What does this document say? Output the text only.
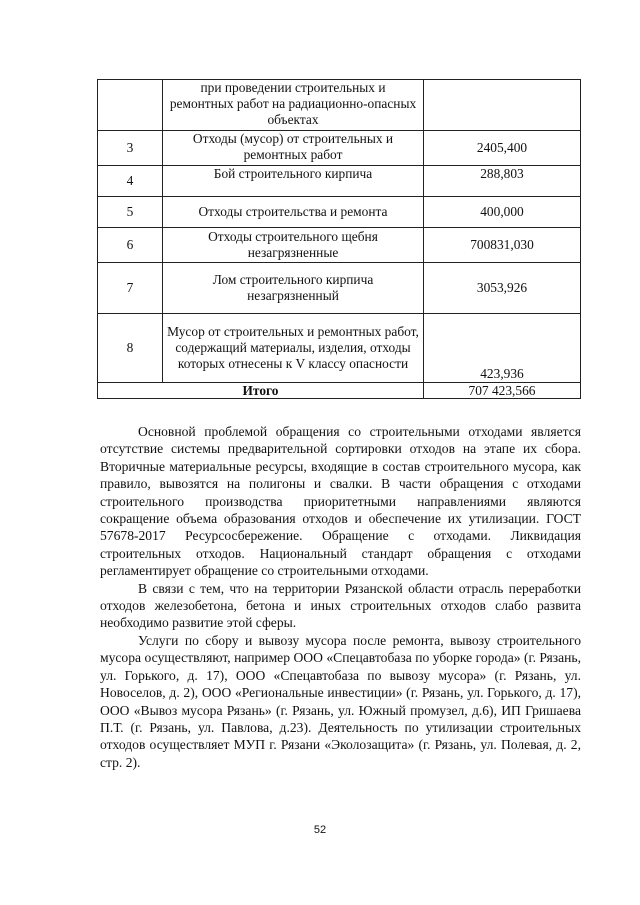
	при проведении строительных и ремонтных работ на радиационно-опасных объектах	
3	Отходы (мусор) от строительных и ремонтных работ	2405,400
4	Бой строительного кирпича	288,803
5	Отходы строительства и ремонта	400,000
6	Отходы строительного щебня незагрязненные	700831,030
7	Лом строительного кирпича незагрязненный	3053,926
8	Мусор от строительных и ремонтных работ, содержащий материалы, изделия, отходы которых отнесены к V классу опасности	423,936
Итого		707 423,566

Основной проблемой обращения со строительными отходами является отсутствие системы предварительной сортировки отходов на этапе их сбора. Вторичные материальные ресурсы, входящие в состав строительного мусора, как правило, вывозятся на полигоны и свалки. В части обращения с отходами строительного производства приоритетными направлениями являются сокращение объема образования отходов и обеспечение их утилизации. ГОСТ 57678-2017 Ресурсосбережение. Обращение с отходами. Ликвидация строительных отходов. Национальный стандарт обращения с отходами регламентирует обращение со строительными отходами.

В связи с тем, что на территории Рязанской области отрасль переработки отходов железобетона, бетона и иных строительных отходов слабо развита необходимо развитие этой сферы.

Услуги по сбору и вывозу мусора после ремонта, вывозу строительного мусора осуществляют, например ООО «Спецавтобаза по уборке города» (г. Рязань, ул. Горького, д. 17), ООО «Спецавтобаза по вывозу мусора» (г. Рязань, ул. Новоселов, д. 2), ООО «Региональные инвестиции» (г. Рязань, ул. Горького, д. 17), ООО «Вывоз мусора Рязань» (г. Рязань, ул. Южный промузел, д.6), ИП Гришаева П.Т. (г. Рязань, ул. Павлова, д.23). Деятельность по утилизации строительных отходов осуществляет МУП г. Рязани «Эколозащита» (г. Рязань, ул. Полевая, д. 2, стр. 2).

52
